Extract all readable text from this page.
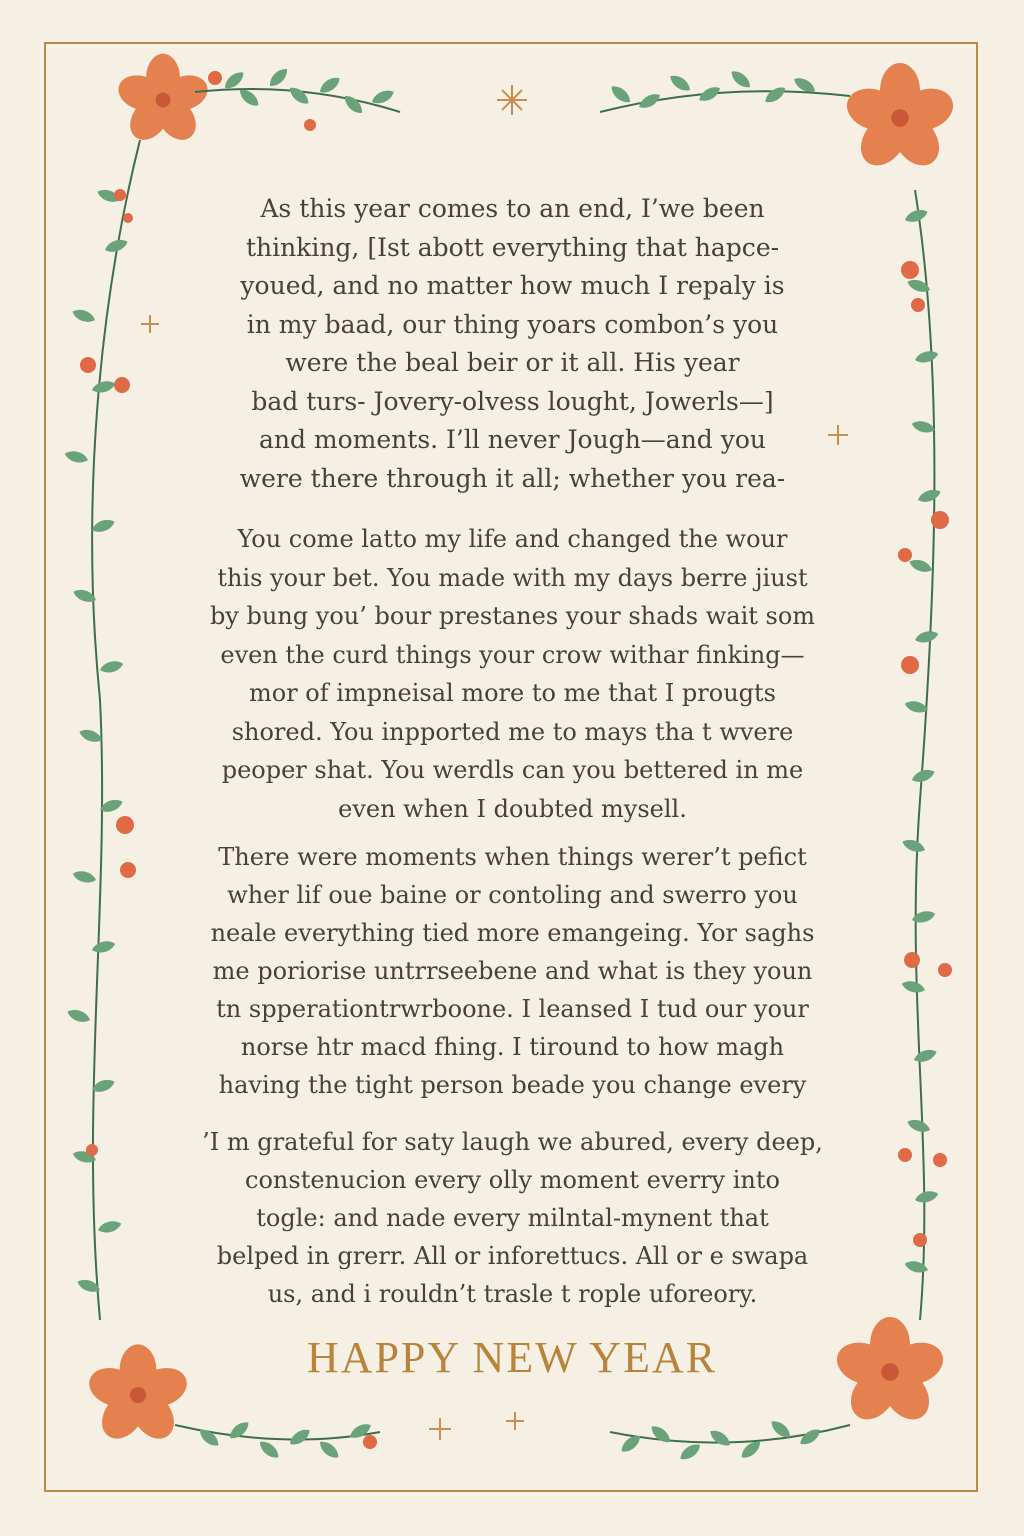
As this year comes to an end, I’we been
thinking, [Ist abott everything that hapce-
youed, and no matter how much I repaly is
in my baad, our thing yoars combon’s you
were the beal beir or it all. His year
bad turs- Jovery-olvess lought, Jowerls—]
and moments. I’ll never Jough—and you
were there through it all; whether you rea-

You come latto my life and changed the wour
this your bet. You made with my days berre jiust
by bung you’ bour prestanes your shads wait som
even the curd things your crow withar finking—
mor of impneisal more to me that I prougts
shored. You inpported me to mays tha t wvere
peoper shat. You werdls can you bettered in me
even when I doubted mysell.

There were moments when things werer’t pefict
wher lif oue baine or contoling and swerro you
neale everything tied more emangeing. Yor saghs
me poriorise untrrseebene and what is they youn
tn spperationtrwrboone. I leansed I tud our your
norse htr macd fhing. I tiround to how magh
having the tight person beade you change every

’I m grateful for saty laugh we abured, every deep,
constenucion every olly moment everry into
togle: and nade every milntal-mynent that
belped in grerr. All or inforettucs. All or e swapa
us, and i rouldn’t trasle t rople uforeory.

HAPPY NEW YEAR
